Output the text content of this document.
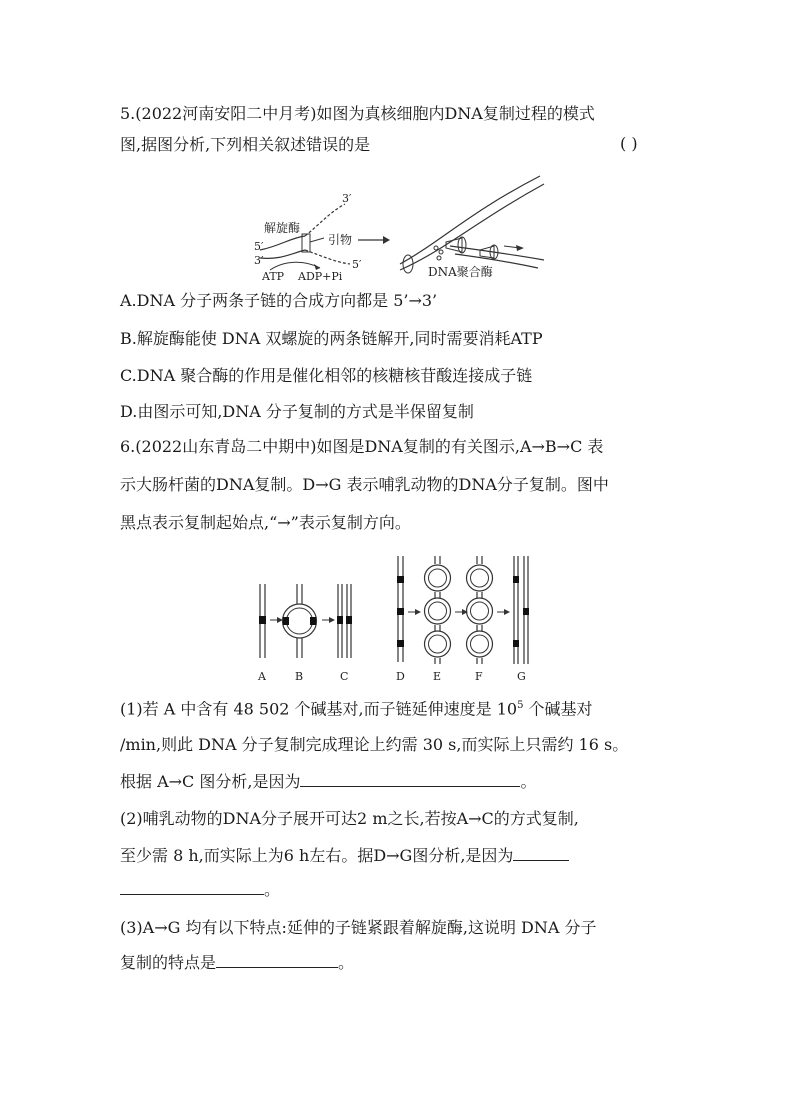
5.(2022河南安阳二中月考)如图为真核细胞内DNA复制过程的模式
图,据图分析,下列相关叙述错误的是	( )
解旋酶
引物
ATP ADP+Pi
5′
3′
3′
5′
DNA聚合酶
A.DNA 分子两条子链的合成方向都是 5’→3’
B.解旋酶能使 DNA 双螺旋的两条链解开,同时需要消耗ATP
C.DNA 聚合酶的作用是催化相邻的核糖核苷酸连接成子链
D.由图示可知,DNA 分子复制的方式是半保留复制
6.(2022山东青岛二中期中)如图是DNA复制的有关图示,A→B→C 表
示大肠杆菌的DNA复制。D→G 表示哺乳动物的DNA分子复制。图中
黑点表示复制起始点,“→”表示复制方向。
A	B	C	D	E	F	G
(1)若 A 中含有 48 502 个碱基对,而子链延伸速度是 $10^5$ 个碱基对
/min,则此 DNA 分子复制完成理论上约需 30 s,而实际上只需约 16 s。
根据 A→C 图分析,是因为	。
(2)哺乳动物的DNA分子展开可达2 m之长,若按A→C的方式复制,
至少需 8 h,而实际上为6 h左右。据D→G图分析,是因为
。
(3)A→G 均有以下特点:延伸的子链紧跟着解旋酶,这说明 DNA 分子
复制的特点是	。
